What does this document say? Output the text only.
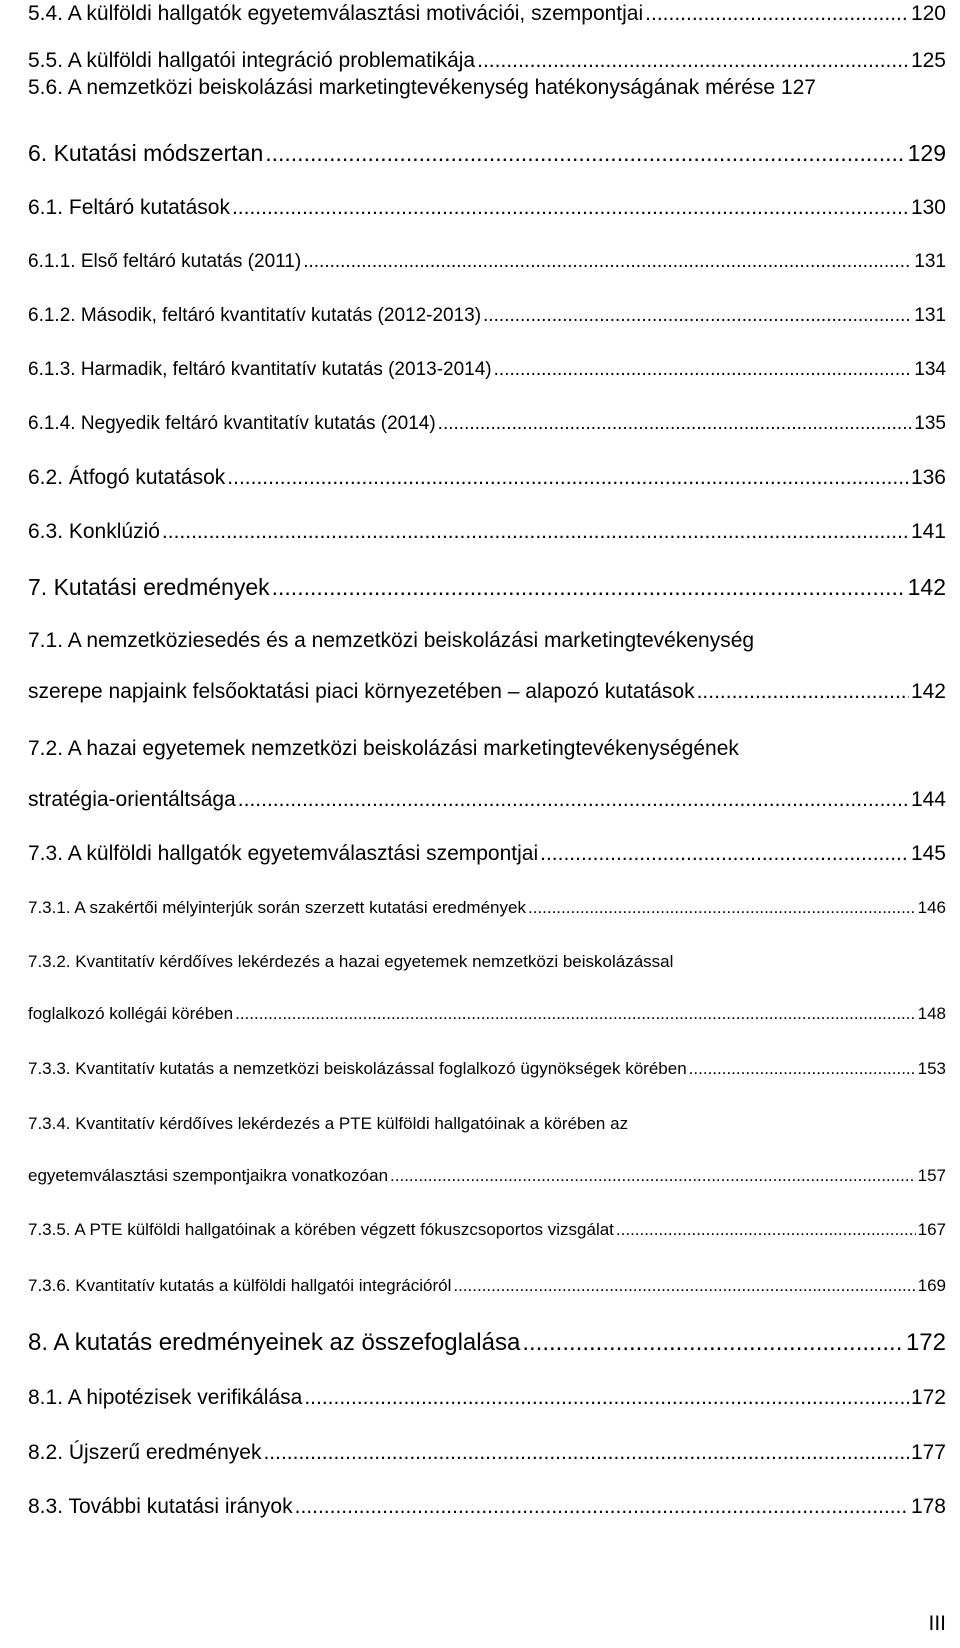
5.4. A külföldi hallgatók egyetemválasztási motivációi, szempontjai .....	120
5.5. A külföldi hallgatói integráció problematikája .....	125
5.6. A nemzetközi beiskolázási marketingtevékenység hatékonyságának mérése 127
6. Kutatási módszertan .....	129
6.1. Feltáró kutatások .....	130
6.1.1. Első feltáró kutatás (2011) .....	131
6.1.2. Második, feltáró kvantitatív kutatás (2012-2013) .....	131
6.1.3. Harmadik, feltáró kvantitatív kutatás (2013-2014) .....	134
6.1.4. Negyedik feltáró kvantitatív kutatás (2014) .....	135
6.2. Átfogó kutatások .....	136
6.3. Konklúzió .....	141
7. Kutatási eredmények .....	142
7.1. A nemzetköziesedés és a nemzetközi beiskolázási marketingtevékenység
szerepe napjaink felsőoktatási piaci környezetében – alapozó kutatások .....	142
7.2. A hazai egyetemek nemzetközi beiskolázási marketingtevékenységének
stratégia-orientáltsága .....	144
7.3. A külföldi hallgatók egyetemválasztási szempontjai .....	145
7.3.1. A szakértői mélyinterjúk során szerzett kutatási eredmények .....	146
7.3.2. Kvantitatív kérdőíves lekérdezés a hazai egyetemek nemzetközi beiskolázással
foglalkozó kollégái körében .....	148
7.3.3. Kvantitatív kutatás a nemzetközi beiskolázással foglalkozó ügynökségek körében .....	153
7.3.4. Kvantitatív kérdőíves lekérdezés a PTE külföldi hallgatóinak a körében az
egyetemválasztási szempontjaikra vonatkozóan .....	157
7.3.5. A PTE külföldi hallgatóinak a körében végzett fókuszcsoportos vizsgálat .....	167
7.3.6. Kvantitatív kutatás a külföldi hallgatói integrációról .....	169
8. A kutatás eredményeinek az összefoglalása .....	172
8.1. A hipotézisek verifikálása .....	172
8.2. Újszerű eredmények .....	177
8.3. További kutatási irányok .....	178
III
